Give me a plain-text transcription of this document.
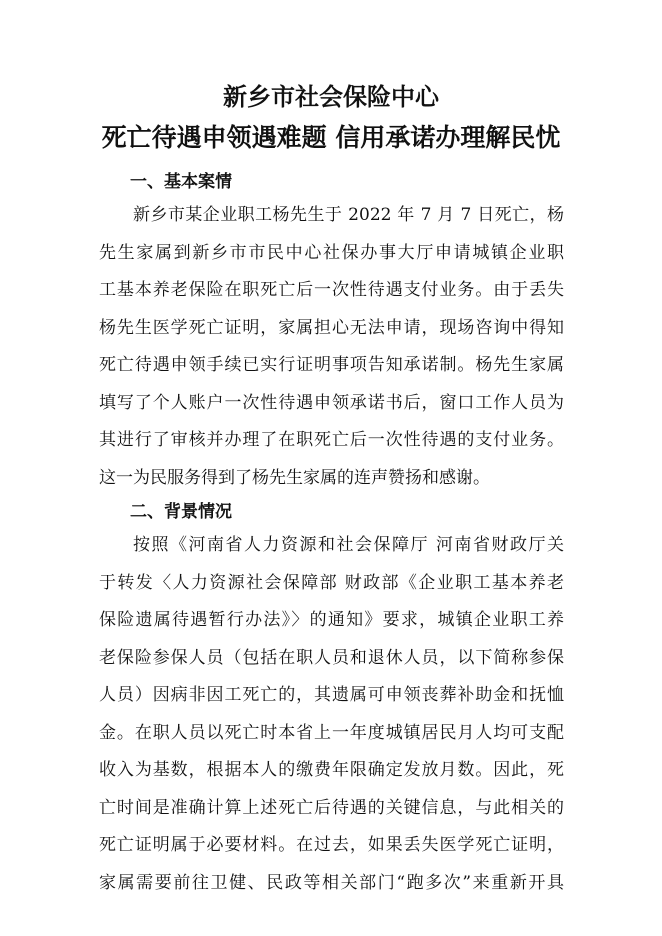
新乡市社会保险中心
死亡待遇申领遇难题 信用承诺办理解民忧
一、基本案情
新乡市某企业职工杨先生于 2022 年 7 月 7 日死亡，杨
先生家属到新乡市市民中心社保办事大厅申请城镇企业职
工基本养老保险在职死亡后一次性待遇支付业务。由于丢失
杨先生医学死亡证明，家属担心无法申请，现场咨询中得知
死亡待遇申领手续已实行证明事项告知承诺制。杨先生家属
填写了个人账户一次性待遇申领承诺书后，窗口工作人员为
其进行了审核并办理了在职死亡后一次性待遇的支付业务。
这一为民服务得到了杨先生家属的连声赞扬和感谢。
二、背景情况
按照《河南省人力资源和社会保障厅 河南省财政厅关
于转发〈人力资源社会保障部 财政部《企业职工基本养老
保险遗属待遇暂行办法》〉的通知》要求，城镇企业职工养
老保险参保人员（包括在职人员和退休人员，以下简称参保
人员）因病非因工死亡的，其遗属可申领丧葬补助金和抚恤
金。在职人员以死亡时本省上一年度城镇居民月人均可支配
收入为基数，根据本人的缴费年限确定发放月数。因此，死
亡时间是准确计算上述死亡后待遇的关键信息，与此相关的
死亡证明属于必要材料。在过去，如果丢失医学死亡证明，
家属需要前往卫健、民政等相关部门“跑多次”来重新开具
